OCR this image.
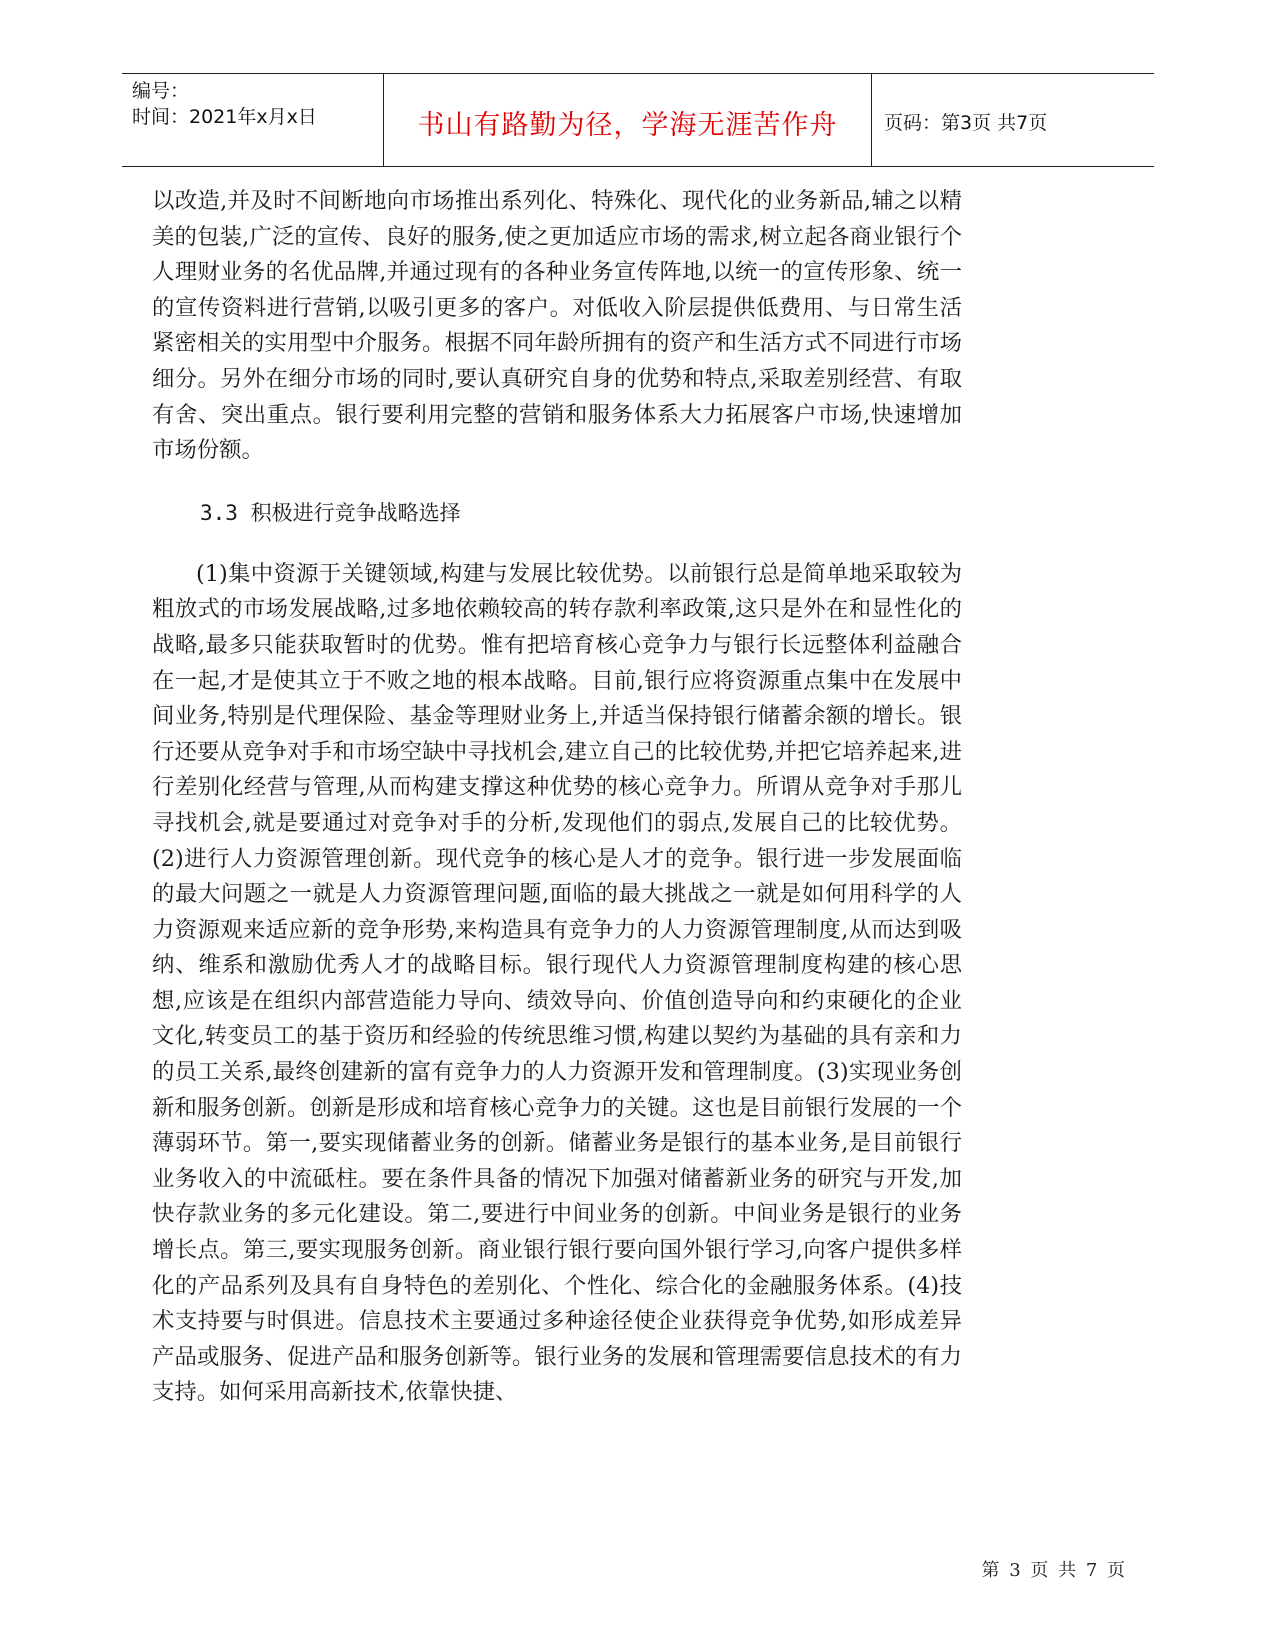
编号：
时间：2021年x月x日	书山有路勤为径，学海无涯苦作舟	页码：第3页 共7页

以改造,并及时不间断地向市场推出系列化、特殊化、现代化的业务新品,辅之以精美的包装,广泛的宣传、良好的服务,使之更加适应市场的需求,树立起各商业银行个人理财业务的名优品牌,并通过现有的各种业务宣传阵地,以统一的宣传形象、统一的宣传资料进行营销,以吸引更多的客户。对低收入阶层提供低费用、与日常生活紧密相关的实用型中介服务。根据不同年龄所拥有的资产和生活方式不同进行市场细分。另外在细分市场的同时,要认真研究自身的优势和特点,采取差别经营、有取有舍、突出重点。银行要利用完整的营销和服务体系大力拓展客户市场,快速增加市场份额。

3.3 积极进行竞争战略选择

(1)集中资源于关键领域,构建与发展比较优势。以前银行总是简单地采取较为粗放式的市场发展战略,过多地依赖较高的转存款利率政策,这只是外在和显性化的战略,最多只能获取暂时的优势。惟有把培育核心竞争力与银行长远整体利益融合在一起,才是使其立于不败之地的根本战略。目前,银行应将资源重点集中在发展中间业务,特别是代理保险、基金等理财业务上,并适当保持银行储蓄余额的增长。银行还要从竞争对手和市场空缺中寻找机会,建立自己的比较优势,并把它培养起来,进行差别化经营与管理,从而构建支撑这种优势的核心竞争力。所谓从竞争对手那儿寻找机会,就是要通过对竞争对手的分析,发现他们的弱点,发展自己的比较优势。(2)进行人力资源管理创新。现代竞争的核心是人才的竞争。银行进一步发展面临的最大问题之一就是人力资源管理问题,面临的最大挑战之一就是如何用科学的人力资源观来适应新的竞争形势,来构造具有竞争力的人力资源管理制度,从而达到吸纳、维系和激励优秀人才的战略目标。银行现代人力资源管理制度构建的核心思想,应该是在组织内部营造能力导向、绩效导向、价值创造导向和约束硬化的企业文化,转变员工的基于资历和经验的传统思维习惯,构建以契约为基础的具有亲和力的员工关系,最终创建新的富有竞争力的人力资源开发和管理制度。(3)实现业务创新和服务创新。创新是形成和培育核心竞争力的关键。这也是目前银行发展的一个薄弱环节。第一,要实现储蓄业务的创新。储蓄业务是银行的基本业务,是目前银行业务收入的中流砥柱。要在条件具备的情况下加强对储蓄新业务的研究与开发,加快存款业务的多元化建设。第二,要进行中间业务的创新。中间业务是银行的业务增长点。第三,要实现服务创新。商业银行银行要向国外银行学习,向客户提供多样化的产品系列及具有自身特色的差别化、个性化、综合化的金融服务体系。(4)技术支持要与时俱进。信息技术主要通过多种途径使企业获得竞争优势,如形成差异产品或服务、促进产品和服务创新等。银行业务的发展和管理需要信息技术的有力支持。如何采用高新技术,依靠快捷、

第 3 页 共 7 页
